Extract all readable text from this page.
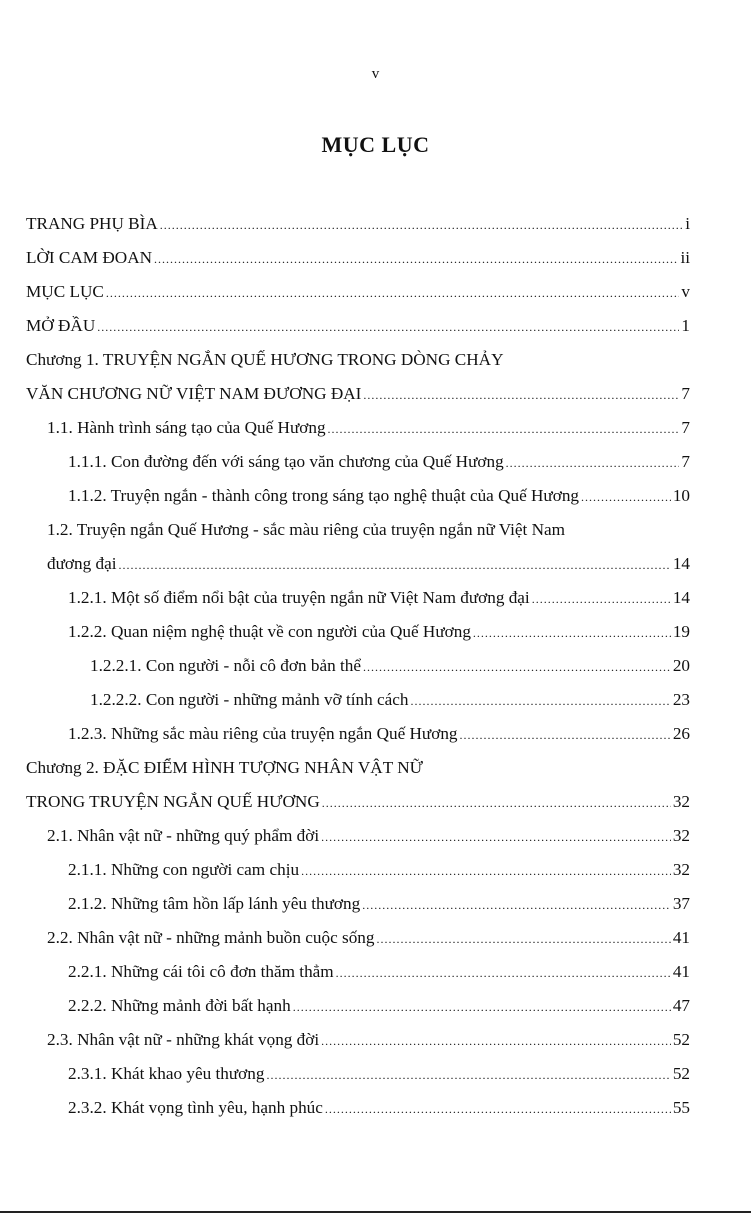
v
MỤC LỤC
TRANG PHỤ BÌA .....	i
LỜI CAM ĐOAN .....	ii
MỤC LỤC .....	v
MỞ ĐẦU .....	1
Chương 1. TRUYỆN NGẮN QUẾ HƯƠNG TRONG DÒNG CHẢY
VĂN CHƯƠNG NỮ VIỆT NAM ĐƯƠNG ĐẠI .....	7
1.1. Hành trình sáng tạo của Quế Hương .....	7
1.1.1. Con đường đến với sáng tạo văn chương của Quế Hương .....	7
1.1.2. Truyện ngắn - thành công trong sáng tạo nghệ thuật của Quế Hương .....	10
1.2. Truyện ngắn Quế Hương - sắc màu riêng của truyện ngắn nữ Việt Nam
đương đại .....	14
1.2.1. Một số điểm nổi bật của truyện ngắn nữ Việt Nam đương đại .....	14
1.2.2. Quan niệm nghệ thuật về con người của Quế Hương .....	19
1.2.2.1. Con người - nỗi cô đơn bản thể .....	20
1.2.2.2. Con người - những mảnh vỡ tính cách .....	23
1.2.3. Những sắc màu riêng của truyện ngắn Quế Hương .....	26
Chương 2. ĐẶC ĐIỂM HÌNH TƯỢNG NHÂN VẬT NỮ
TRONG TRUYỆN NGẮN QUẾ HƯƠNG .....	32
2.1. Nhân vật nữ - những quý phẩm đời .....	32
2.1.1. Những con người cam chịu .....	32
2.1.2. Những tâm hồn lấp lánh yêu thương .....	37
2.2. Nhân vật nữ - những mảnh buồn cuộc sống .....	41
2.2.1. Những cái tôi cô đơn thăm thẳm .....	41
2.2.2. Những mảnh đời bất hạnh .....	47
2.3. Nhân vật nữ - những khát vọng đời .....	52
2.3.1. Khát khao yêu thương .....	52
2.3.2. Khát vọng tình yêu, hạnh phúc .....	55
